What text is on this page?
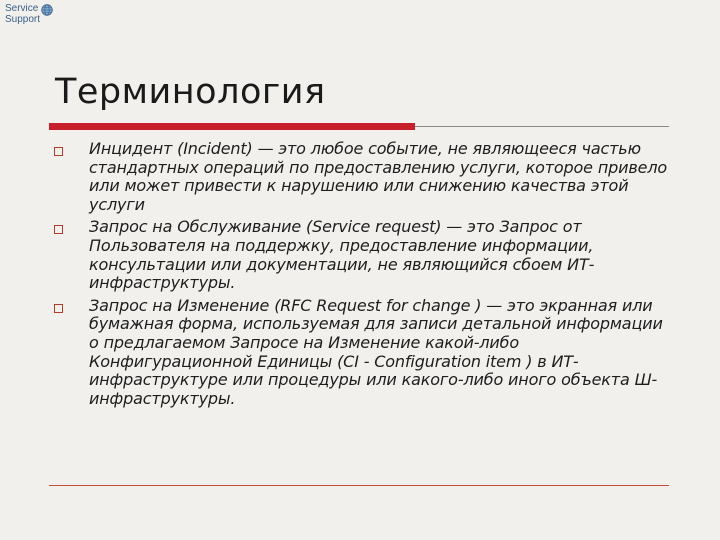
Service
Support
Терминология
Инцидент (Incident) — это любое событие, не являющееся частью стандартных операций по предоставлению услуги, которое привело или может привести к нарушению или снижению качества этой услуги
Запрос на Обслуживание (Service request) — это Запрос от Пользователя на поддержку, предоставление информации, консультации или документации, не являющийся сбоем ИТ-инфраструктуры.
Запрос на Изменение (RFC Request for change ) — это экранная или бумажная форма, используемая для записи детальной информации о предлагаемом Запросе на Изменение какой-либо Конфигурационной Единицы (CI - Configuration item ) в ИТ-инфраструктуре или процедуры или какого-либо иного объекта Ш-инфраструктуры.
